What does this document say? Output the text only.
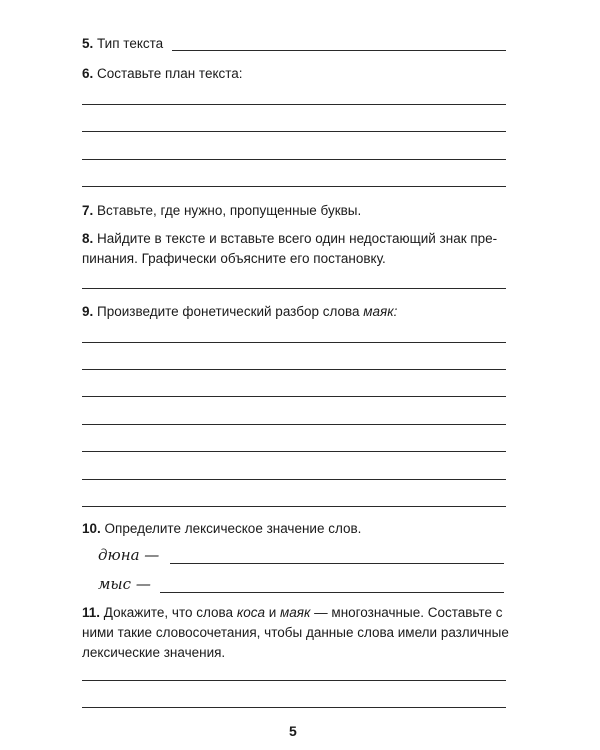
5. Тип текста
6. Составьте план текста:
7. Вставьте, где нужно, пропущенные буквы.
8. Найдите в тексте и вставьте всего один недостающий знак пре-
пинания. Графически объясните его постановку.
9. Произведите фонетический разбор слова маяк:
10. Определите лексическое значение слов.
дюна —
мыс —
11. Докажите, что слова коса и маяк — многозначные. Составьте с
ними такие словосочетания, чтобы данные слова имели различные
лексические значения.
5
